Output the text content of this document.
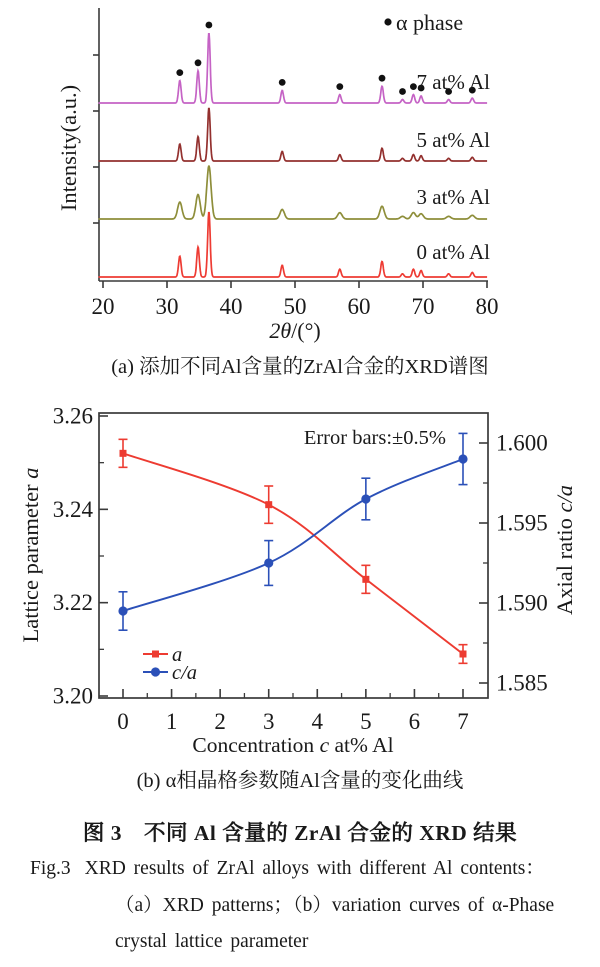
20 30 40 50 60 70 80
2θ/(°)
Intensity(a.u.)
α phase
0 at% Al
3 at% Al
5 at% Al
7 at% Al
(a) 添加不同Al含量的ZrAl合金的XRD谱图
0 1 2 3 4 5 6 7
3.26
3.24
3.22
3.20
1.600
1.595
1.590
1.585
Concentration c at% Al
Lattice parameter a
Axial ratio c/a
Error bars:±0.5%
a
c/a
(b) α相晶格参数随Al含量的变化曲线
图 3　不同 Al 含量的 ZrAl 合金的 XRD 结果
Fig.3 XRD results of ZrAl alloys with different Al contents：
（a）XRD patterns；（b）variation curves of α-Phase
crystal lattice parameter
